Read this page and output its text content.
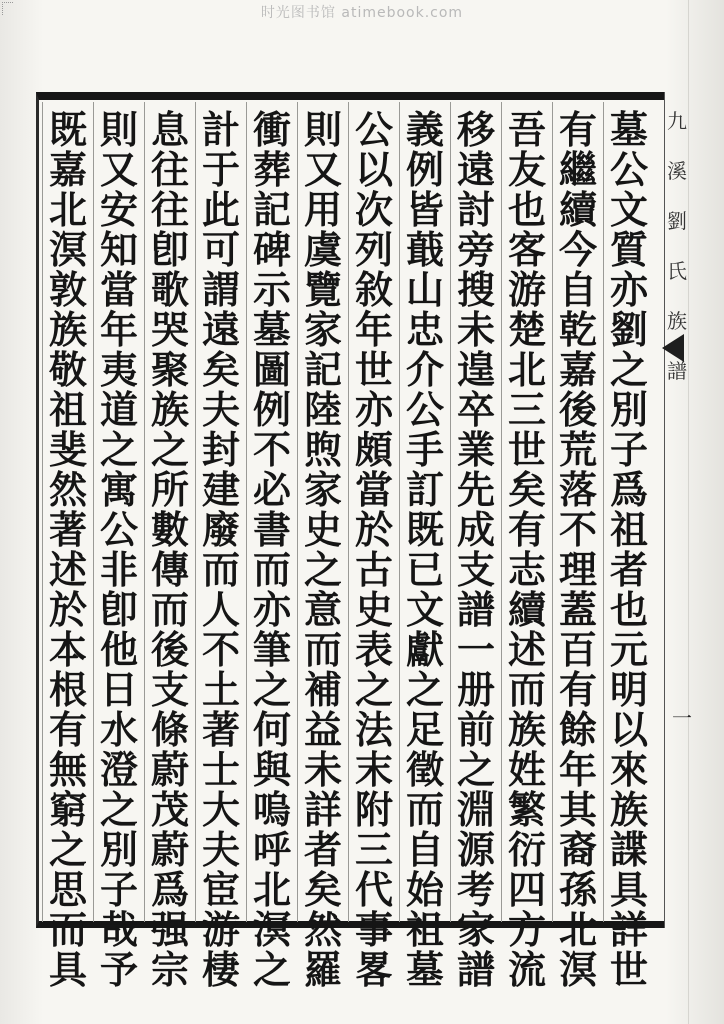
时光图书馆 atimebook.com
九
溪
劉
氏
族
譜
一
墓
公
文
質
亦
劉
之
別
子
爲
祖
者
也
元
明
以
來
族
諜
具
詳
世
有
繼
續
今
自
乾
嘉
後
荒
落
不
理
蓋
百
有
餘
年
其
裔
孫
北
溟
吾
友
也
客
游
楚
北
三
世
矣
有
志
續
述
而
族
姓
繁
衍
四
方
流
移
遠
討
旁
搜
未
遑
卒
業
先
成
支
譜
一
册
前
之
淵
源
考
家
譜
義
例
皆
蕺
山
忠
介
公
手
訂
既
已
文
獻
之
足
徵
而
自
始
祖
墓
公
以
次
列
敘
年
世
亦
頗
當
於
古
史
表
之
法
末
附
三
代
事
畧
則
又
用
虞
覽
家
記
陸
煦
家
史
之
意
而
補
益
未
詳
者
矣
然
羅
衝
葬
記
碑
示
墓
圖
例
不
必
書
而
亦
筆
之
何
與
嗚
呼
北
溟
之
計
于
此
可
謂
遠
矣
夫
封
建
廢
而
人
不
土
著
士
大
夫
宦
游
棲
息
往
往
卽
歌
哭
聚
族
之
所
數
傳
而
後
支
條
蔚
茂
蔚
爲
强
宗
則
又
安
知
當
年
夷
道
之
寓
公
非
卽
他
日
水
澄
之
別
子
哉
予
既
嘉
北
溟
敦
族
敬
祖
斐
然
著
述
於
本
根
有
無
窮
之
思
而
具
